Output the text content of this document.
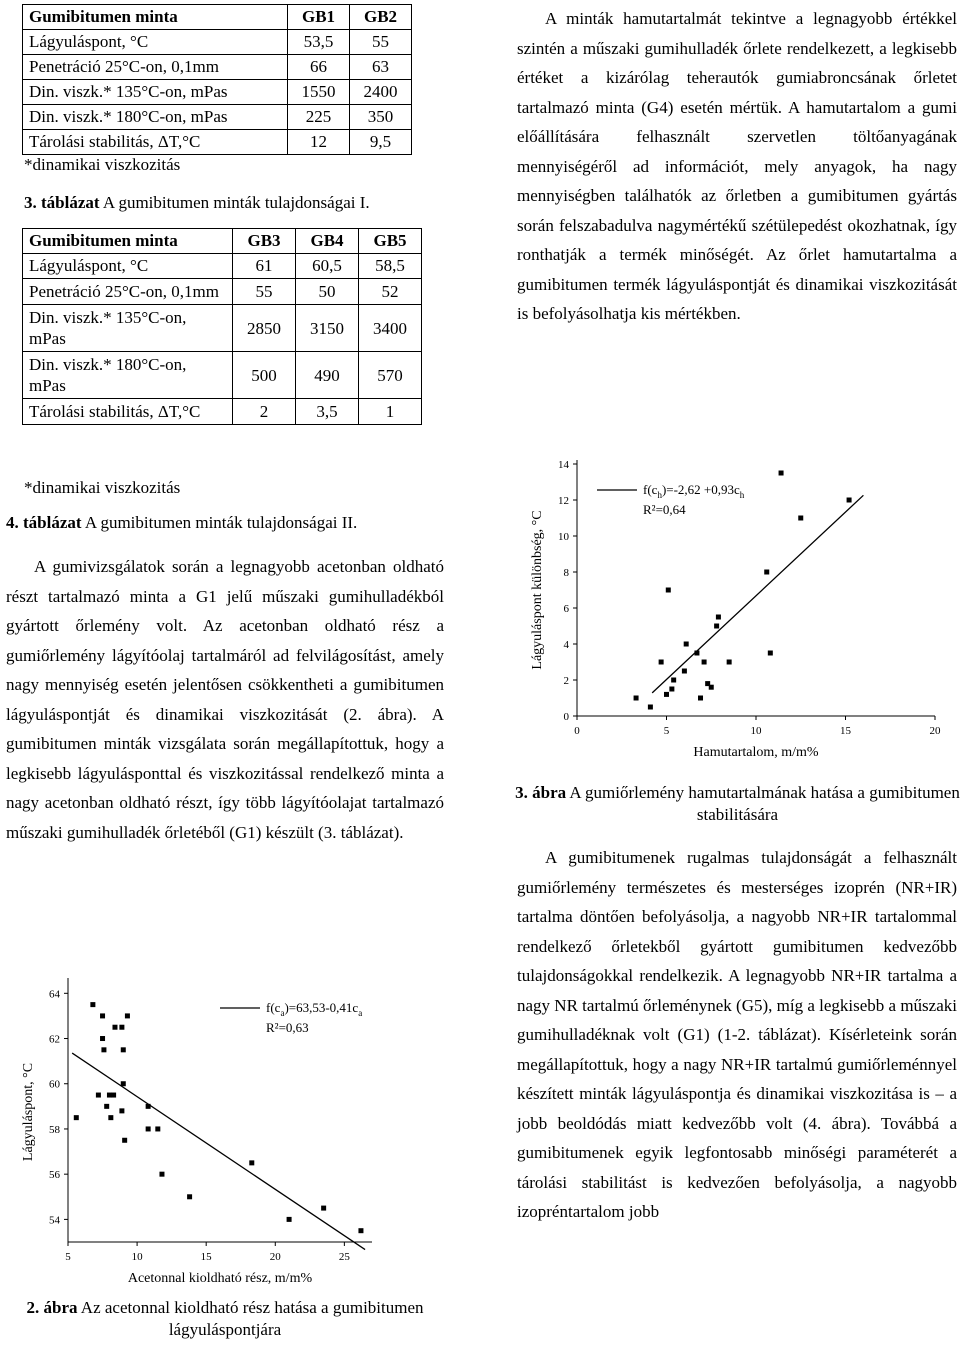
Gumibitumen minta	GB1	GB2
Lágyuláspont, °C	53,5	55
Penetráció 25°C-on, 0,1mm	66	63
Din. viszk.* 135°C-on, mPas	1550	2400
Din. viszk.* 180°C-on, mPas	225	350
Tárolási stabilitás, ΔT,°C	12	9,5
*dinamikai viszkozitás
3. táblázat A gumibitumen minták tulajdonságai I.
Gumibitumen minta	GB3	GB4	GB5
Lágyuláspont, °C	61	60,5	58,5
Penetráció 25°C-on, 0,1mm	55	50	52
Din. viszk.* 135°C-on, mPas	2850	3150	3400
Din. viszk.* 180°C-on, mPas	500	490	570
Tárolási stabilitás, ΔT,°C	2	3,5	1
*dinamikai viszkozitás
4. táblázat A gumibitumen minták tulajdonságai II.

A gumivizsgálatok során a legnagyobb acetonban oldható részt tartalmazó minta a G1 jelű műszaki gumihulladékból gyártott őrlemény volt. Az acetonban oldható rész a gumiőrlemény lágyítóolaj tartalmáról ad felvilágosítást, amely nagy mennyiség esetén jelentősen csökkentheti a gumibitumen lágyuláspontját és dinamikai viszkozitását (2. ábra). A gumibitumen minták vizsgálata során megállapítottuk, hogy a legkisebb lágyulásponttal és viszkozitással rendelkező minta a nagy acetonban oldható részt, így több lágyítóolajat tartalmazó műszaki gumihulladék őrletéből (G1) készült (3. táblázat).

54
56
58
60
62
64
5	10	15	20	25
Acetonnal kioldható rész, m/m%
Lágyuláspont, °C
$f(c_a)=63,53-0,41c_a$
R²=0,63
2. ábra Az acetonnal kioldható rész hatása a gumibitumen lágyuláspontjára

A minták hamutartalmát tekintve a legnagyobb értékkel szintén a műszaki gumihulladék őrlete rendelkezett, a legkisebb értéket a kizárólag teherautók gumiabroncsának őrletet tartalmazó minta (G4) esetén mértük. A hamutartalom a gumi előállítására felhasznált szervetlen töltőanyagának mennyiségéről ad információt, mely anyagok, ha nagy mennyiségben találhatók az őrletben a gumibitumen gyártás során felszabadulva nagymértékű szétülepedést okozhatnak, így ronthatják a termék minőségét. Az őrlet hamutartalma a gumibitumen termék lágyuláspontját és dinamikai viszkozitását is befolyásolhatja kis mértékben.

0
2
4
6
8
10
12
14
0	5	10	15	20
Hamutartalom, m/m%
Lágyuláspont különbség, °C
$f(c_h)=-2,62 +0,93c_h$
R²=0,64
3. ábra A gumiőrlemény hamutartalmának hatása a gumibitumen stabilitására

A gumibitumenek rugalmas tulajdonságát a felhasznált gumiőrlemény természetes és mesterséges izoprén (NR+IR) tartalma döntően befolyásolja, a nagyobb NR+IR tartalommal rendelkező őrletekből gyártott gumibitumen kedvezőbb tulajdonságokkal rendelkezik. A legnagyobb NR+IR tartalma a nagy NR tartalmú őrleménynek (G5), míg a legkisebb a műszaki gumihulladéknak volt (G1) (1-2. táblázat). Kísérleteink során megállapítottuk, hogy a nagy NR+IR tartalmú gumiőrleménnyel készített minták lágyuláspontja és dinamikai viszkozitása is – a jobb beoldódás miatt kedvezőbb volt (4. ábra). Továbbá a gumibitumenek egyik legfontosabb minőségi paraméterét a tárolási stabilitást is kedvezően befolyásolja, a nagyobb izopréntartalom jobb
